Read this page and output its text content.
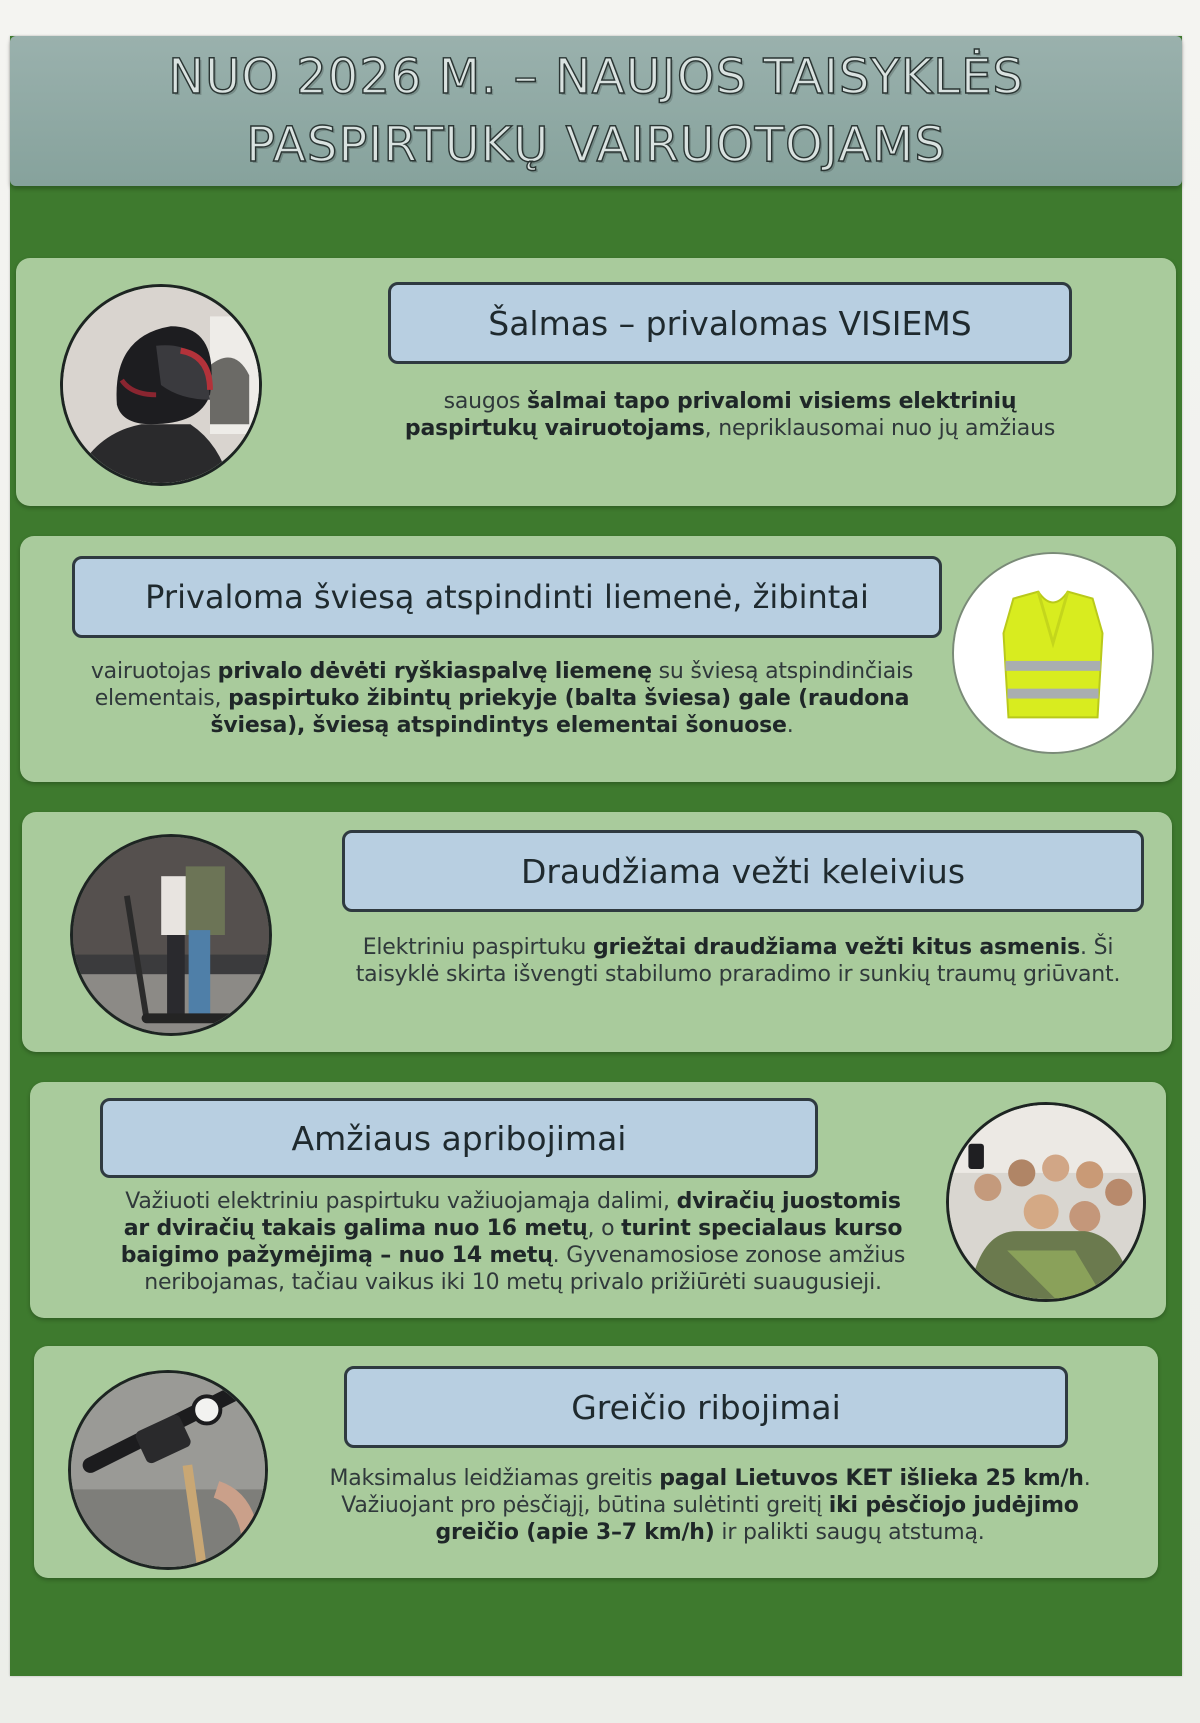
NUO 2026 M. – NAUJOS TAISYKLĖS
PASPIRTUKŲ VAIRUOTOJAMS
Šalmas – privalomas VISIEMS

saugos šalmai tapo privalomi visiems elektrinių paspirtukų vairuotojams, nepriklausomai nuo jų amžiaus

Privaloma šviesą atspindinti liemenė, žibintai

vairuotojas privalo dėvėti ryškiaspalvę liemenę su šviesą atspindinčiais elementais, paspirtuko žibintų priekyje (balta šviesa) gale (raudona šviesa), šviesą atspindintys elementai šonuose.

Draudžiama vežti keleivius

Elektriniu paspirtuku griežtai draudžiama vežti kitus asmenis. Ši taisyklė skirta išvengti stabilumo praradimo ir sunkių traumų griūvant.

Amžiaus apribojimai

Važiuoti elektriniu paspirtuku važiuojamąja dalimi, dviračių juostomis ar dviračių takais galima nuo 16 metų, o turint specialaus kurso baigimo pažymėjimą – nuo 14 metų. Gyvenamosiose zonose amžius neribojamas, tačiau vaikus iki 10 metų privalo prižiūrėti suaugusieji.

Greičio ribojimai

Maksimalus leidžiamas greitis pagal Lietuvos KET išlieka 25 km/h. Važiuojant pro pėsčiąjį, būtina sulėtinti greitį iki pėsčiojo judėjimo greičio (apie 3–7 km/h) ir palikti saugų atstumą.
